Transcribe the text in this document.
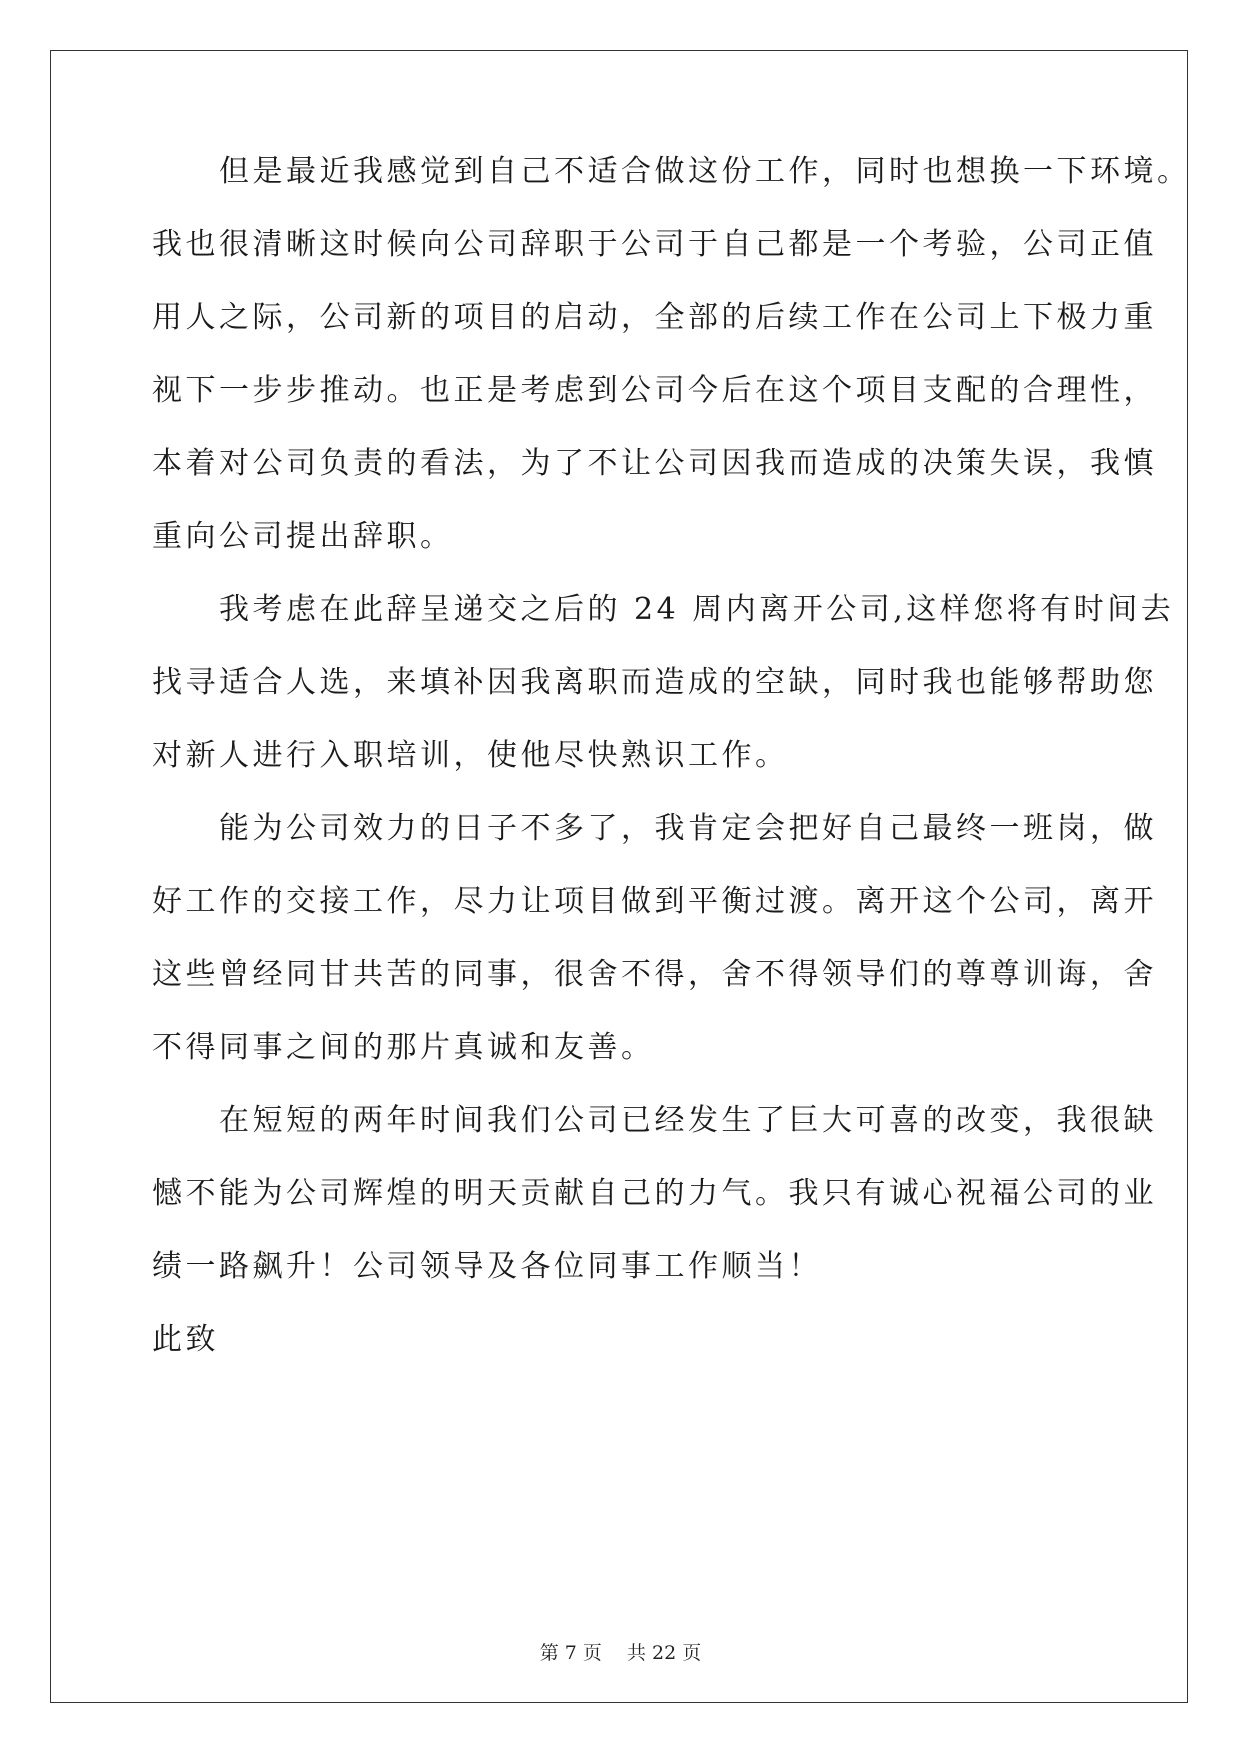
　　但是最近我感觉到自己不适合做这份工作，同时也想换一下环境。
我也很清晰这时候向公司辞职于公司于自己都是一个考验，公司正值
用人之际，公司新的项目的启动，全部的后续工作在公司上下极力重
视下一步步推动。也正是考虑到公司今后在这个项目支配的合理性，
本着对公司负责的看法，为了不让公司因我而造成的决策失误，我慎
重向公司提出辞职。
　　我考虑在此辞呈递交之后的 24 周内离开公司,这样您将有时间去
找寻适合人选，来填补因我离职而造成的空缺，同时我也能够帮助您
对新人进行入职培训，使他尽快熟识工作。
　　能为公司效力的日子不多了，我肯定会把好自己最终一班岗，做
好工作的交接工作，尽力让项目做到平衡过渡。离开这个公司，离开
这些曾经同甘共苦的同事，很舍不得，舍不得领导们的尊尊训诲，舍
不得同事之间的那片真诚和友善。
　　在短短的两年时间我们公司已经发生了巨大可喜的改变，我很缺
憾不能为公司辉煌的明天贡献自己的力气。我只有诚心祝福公司的业
绩一路飙升！公司领导及各位同事工作顺当！
此致
第 7 页　 共 22 页
